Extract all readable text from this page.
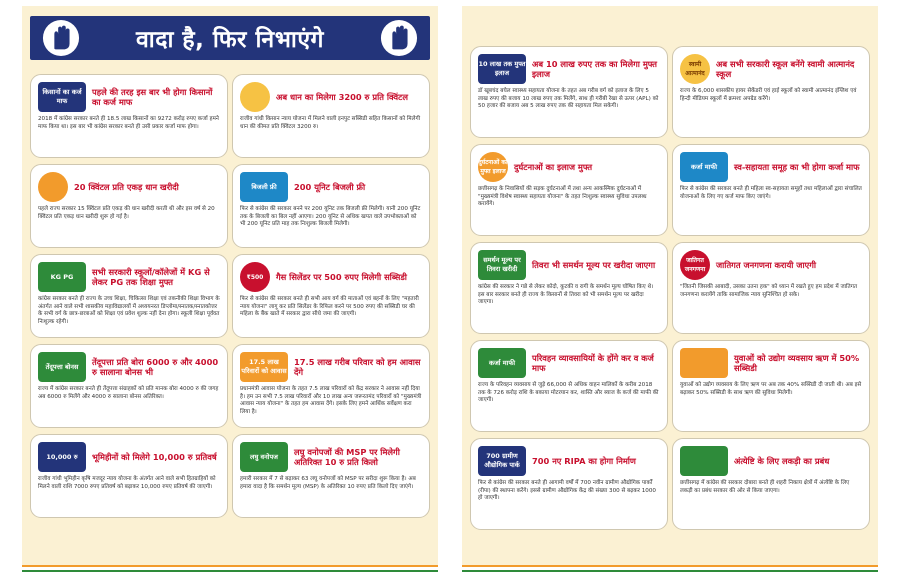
वादा है, फिर निभाएंगे
किसानों का कर्ज माफ
पहले की तरह इस बार भी होगा किसानों का कर्ज माफ
2018 में कांग्रेस सरकार बनते ही 18.5 लाख किसानों का 9272 करोड़ रुपए कर्जा हमने माफ किया था। इस बार भी कांग्रेस सरकार बनते ही उसी प्रकार कर्जा माफ होगा।
अब धान का मिलेगा 3200 रु प्रति क्विंटल
राजीव गांधी किसान न्याय योजना में मिलने वाली इनपुट सब्सिडी सहित किसानों को मिलेगी धान की कीमत प्रति क्विंटल 3200 रु।
20 क्विंटल प्रति एकड़ धान खरीदी
पहले राज्य सरकार 15 क्विंटल प्रति एकड़ की धान खरीदी करती थी और इस वर्ष से 20 क्विंटल प्रति एकड़ धान खरीदी शुरू हो गई है।
बिजली फ्री	200 यूनिट बिजली फ्री
फिर से कांग्रेस की सरकार बनने पर 200 यूनिट तक बिजली फ्री मिलेगी। यानी 200 यूनिट तक के बिजली का बिल नहीं आएगा। 200 यूनिट से अधिक खपत वाले उपभोक्ताओं को भी 200 यूनिट प्रति माह तक निःशुल्क बिजली मिलेगी।
KG PG	सभी सरकारी स्कूलों/कॉलेजों में KG से लेकर PG तक शिक्षा मुफ्त
कांग्रेस सरकार बनते ही राज्य के उच्च शिक्षा, चिकित्सा शिक्षा एवं तकनीकी शिक्षा विभाग के अंतर्गत आने वाले सभी शासकीय महाविद्यालयों में अध्ययनरत डिप्लोमा/स्नातक/स्नातकोत्तर के सभी वर्ग के छात्र-छात्राओं को शिक्षा एवं प्रवेश शुल्क नहीं देना होगा। स्कूली शिक्षा पूर्ववत निःशुल्क रहेगी।
₹500	गैस सिलेंडर पर 500 रुपए मिलेगी सब्सिडी
फिर से कांग्रेस की सरकार बनते ही सभी आय वर्ग की माताओं एवं बहनों के लिए "महतारी न्याय योजना" लागू कर प्रति सिलेंडर के रिफिल करने पर 500 रुपए की सब्सिडी घर की महिला के बैंक खाते में सरकार द्वारा सीधे जमा की जाएगी।
तेंदूपत्ता बोनस	तेंदूपत्ता प्रति बोरा 6000 रु और 4000 रु सालाना बोनस भी
राज्य में कांग्रेस सरकार बनते ही तेंदूपत्ता संग्राहकों को प्रति मानक बोरा 4000 रु की जगह अब 6000 रु मिलेंगे और 4000 रु सालाना बोनस अतिरिक्त।
17.5 लाख परिवारों को आवास
17.5 लाख गरीब परिवार को हम आवास देंगे
प्रधानमंत्री आवास योजना के तहत 7.5 लाख परिवारों को केंद्र सरकार ने आवास नहीं दिया है। हम उन सभी 7.5 लाख परिवारों और 10 लाख अन्य जरूरतमंद परिवारों को "मुख्यमंत्री आवास न्याय योजना" के तहत हम आवास देंगे। इसके लिए हमने आर्थिक सर्वेक्षण करा लिया है।
10,000 रु	भूमिहीनों को मिलेगे 10,000 रु प्रतिवर्ष
राजीव गांधी भूमिहीन कृषि मजदूर न्याय योजना के अंतर्गत आने वाले सभी हितग्राहियों को मिलने वाली राशि 7000 रुपए प्रतिवर्ष को बढ़ाकर 10,000 रुपए प्रतिवर्ष की जाएगी।
लघु वनोपज	लघु वनोपजों की MSP पर मिलेगी अतिरिक्त 10 रु प्रति किलो
हमारी सरकार में 7 से बढ़ाकर 63 लघु वनोपजों को MSP पर सरीदा शुरू किया है। अब हमारा वादा है कि समर्थन मूल्य (MSP) के अतिरिक्त 10 रुपए प्रति किलो दिए जाएंगे।
10 लाख तक मुफ्त इलाज
अब 10 लाख रुपए तक का मिलेगा मुफ्त इलाज
डॉ खूबचंद बघेल स्वास्थ्य सहायता योजना के तहत अब गरीब वर्ग को इलाज के लिए 5 लाख रुपए की बजाय 10 लाख रुपए तक मिलेंगे, साथ ही गरीबी रेखा से ऊपर (APL) को 50 हजार की बजाय अब 5 लाख रुपए तक की सहायता मिल सकेगी।
स्वामी आत्मानंद
अब सभी सरकारी स्कूल बनेंगे स्वामी आत्मानंद स्कूल
राज्य के 6,000 शासकीय हायर सेकेंडरी एवं हाई स्कूलों को स्वामी आत्मानंद इंग्लिश एवं हिन्दी मीडियम स्कूलों में क्रमशः अपग्रेड करेंगे।
दुर्घटनाओं का मुफ्त इलाज दुर्घटनाओं का इलाज मुफ्त
छत्तीसगढ़ के निवासियों की सड़क दुर्घटनाओं में तथा अन्य आकस्मिक दुर्घटनाओं में "मुख्यमंत्री विशेष स्वास्थ्य सहायता योजना" के तहत निःशुल्क स्वास्थ्य सुविधा उपलब्ध करायेंगे।
कर्जा माफी	स्व-सहायता समूह का भी होगा कर्जा माफ
फिर से कांग्रेस की सरकार बनते ही महिला स्व-सहायता समूहों तथा महिलाओं द्वारा संचालित योजनाओं के लिए गए कर्ज माफ किए जाएंगे।
समर्थन मूल्य पर तिवरा खरीदी	तिवरा भी समर्थन मूल्य पर खरीदा जाएगा
कांग्रेस की सरकार ने गन्ने से लेकर कोदो, कुटकी व रागी के समर्थन मूल्य घोषित किए थे। इस बार सरकार बनते ही राज्य के किसानों से तिवरा को भी समर्थन मूल्य पर खरीदा जाएगा।
जातिगत जनगणना	जातिगत जनगणना करायी जाएगी
"जितनी जिसकी आबादी, उसका उतना हक" को ध्यान में रखते हुए हम प्रदेश में जातिगत जनगणना करायेंगे ताकि सामाजिक न्याय सुनिश्चित हो सके।
कर्जा माफी	परिवहन व्यावसायियों के होंगे कर व कर्ज माफ
राज्य के परिवहन व्यवसाय से जुड़े 66,000 से अधिक वाहन मालिकों के करीब 2018 तक के 726 करोड़ राशि के बकाया मोटरयान कर, शास्ति और ब्याज के कर्ज की माफी की जाएगी।
युवाओं को उद्योग व्यवसाय ऋण में 50% सब्सिडी
युवाओं को उद्योग व्यवसाय के लिए ऋण पर अब तक 40% सब्सिडी दी जाती थी। अब इसे बढ़ाकर 50% सब्सिडी के साथ ऋण की सुविधा मिलेगी।
700 ग्रामीण औद्योगिक पार्क	700 नए RIPA का होगा निर्माण
फिर से कांग्रेस की सरकार बनते ही आगामी वर्षों में 700 नवीन ग्रामीण औद्योगिक पार्कों (रीपा) की स्थापना करेंगे। इससे ग्रामीण औद्योगिक केंद्र की संख्या 300 से बढ़कर 1000 हो जाएगी।
अंत्येष्टि के लिए लकड़ी का प्रबंध
छत्तीसगढ़ में कांग्रेस की सरकार दोबारा बनते ही शहरी निकाय क्षेत्रों में अंत्येष्टि के लिए लकड़ी का प्रबंध सरकार की ओर से किया जाएगा।
